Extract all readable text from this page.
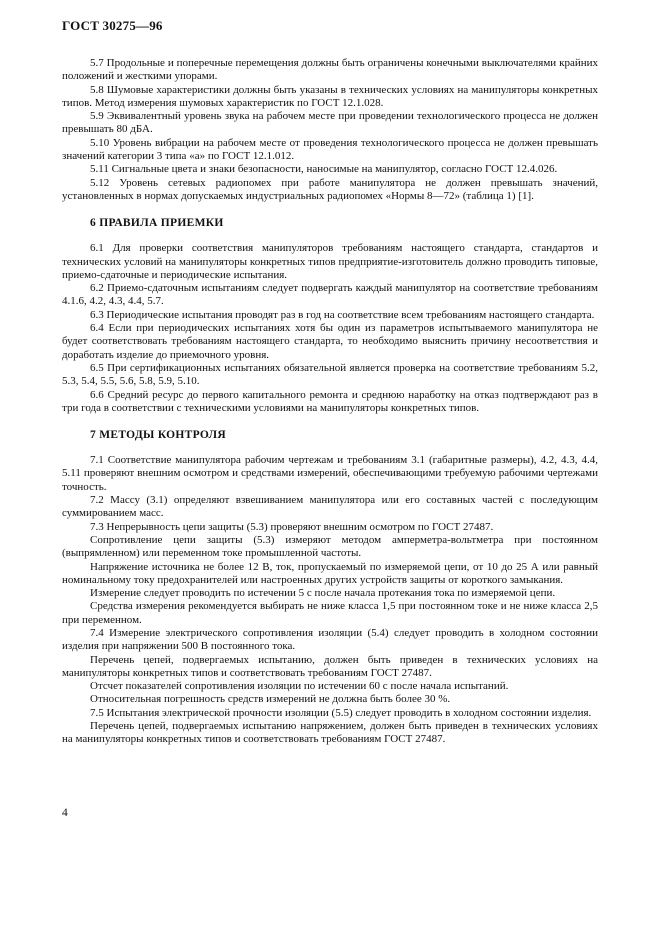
ГОСТ 30275—96

5.7 Продольные и поперечные перемещения должны быть ограничены конечными выключателями крайних положений и жесткими упорами.

5.8 Шумовые характеристики должны быть указаны в технических условиях на манипуляторы конкретных типов. Метод измерения шумовых характеристик по ГОСТ 12.1.028.

5.9 Эквивалентный уровень звука на рабочем месте при проведении технологического процесса не должен превышать 80 дБА.

5.10 Уровень вибрации на рабочем месте от проведения технологического процесса не должен превышать значений категории 3 типа «а» по ГОСТ 12.1.012.

5.11 Сигнальные цвета и знаки безопасности, наносимые на манипулятор, согласно ГОСТ 12.4.026.

5.12 Уровень сетевых радиопомех при работе манипулятора не должен превышать значений, установленных в нормах допускаемых индустриальных радиопомех «Нормы 8—72» (таблица 1) [1].

6 ПРАВИЛА ПРИЕМКИ

6.1 Для проверки соответствия манипуляторов требованиям настоящего стандарта, стандартов и технических условий на манипуляторы конкретных типов предприятие-изготовитель должно проводить типовые, приемо-сдаточные и периодические испытания.

6.2 Приемо-сдаточным испытаниям следует подвергать каждый манипулятор на соответствие требованиям 4.1.6, 4.2, 4.3, 4.4, 5.7.

6.3 Периодические испытания проводят раз в год на соответствие всем требованиям настоящего стандарта.

6.4 Если при периодических испытаниях хотя бы один из параметров испытываемого манипулятора не будет соответствовать требованиям настоящего стандарта, то необходимо выяснить причину несоответствия и доработать изделие до приемочного уровня.

6.5 При сертификационных испытаниях обязательной является проверка на соответствие требованиям 5.2, 5.3, 5.4, 5.5, 5.6, 5.8, 5.9, 5.10.

6.6 Средний ресурс до первого капитального ремонта и среднюю наработку на отказ подтверждают раз в три года в соответствии с техническими условиями на манипуляторы конкретных типов.

7 МЕТОДЫ КОНТРОЛЯ

7.1 Соответствие манипулятора рабочим чертежам и требованиям 3.1 (габаритные размеры), 4.2, 4.3, 4.4, 5.11 проверяют внешним осмотром и средствами измерений, обеспечивающими требуемую рабочими чертежами точность.

7.2 Массу (3.1) определяют взвешиванием манипулятора или его составных частей с последующим суммированием масс.

7.3 Непрерывность цепи защиты (5.3) проверяют внешним осмотром по ГОСТ 27487.

Сопротивление цепи защиты (5.3) измеряют методом амперметра-вольтметра при постоянном (выпрямленном) или переменном токе промышленной частоты.

Напряжение источника не более 12 В, ток, пропускаемый по измеряемой цепи, от 10 до 25 А или равный номинальному току предохранителей или настроенных других устройств защиты от короткого замыкания.

Измерение следует проводить по истечении 5 с после начала протекания тока по измеряемой цепи.

Средства измерения рекомендуется выбирать не ниже класса 1,5 при постоянном токе и не ниже класса 2,5 при переменном.

7.4 Измерение электрического сопротивления изоляции (5.4) следует проводить в холодном состоянии изделия при напряжении 500 В постоянного тока.

Перечень цепей, подвергаемых испытанию, должен быть приведен в технических условиях на манипуляторы конкретных типов и соответствовать требованиям ГОСТ 27487.

Отсчет показателей сопротивления изоляции по истечении 60 с после начала испытаний.

Относительная погрешность средств измерений не должна быть более 30 %.

7.5 Испытания электрической прочности изоляции (5.5) следует проводить в холодном состоянии изделия.

Перечень цепей, подвергаемых испытанию напряжением, должен быть приведен в технических условиях на манипуляторы конкретных типов и соответствовать требованиям ГОСТ 27487.

4
